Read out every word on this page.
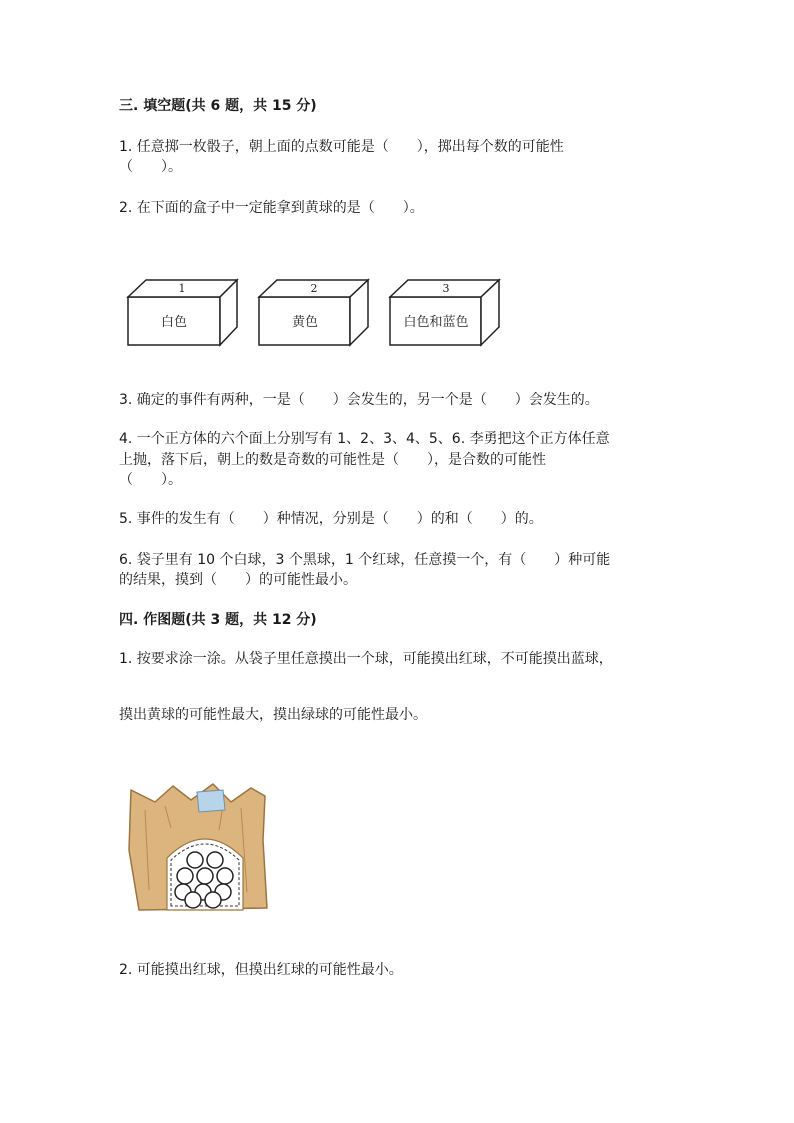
三. 填空题(共 6 题，共 15 分)
1. 任意掷一枚骰子，朝上面的点数可能是（　　），掷出每个数的可能性
（　　）。
2. 在下面的盒子中一定能拿到黄球的是（　　）。
1
白色
2
黄色
3
白色和蓝色
3. 确定的事件有两种，一是（　　）会发生的，另一个是（　　）会发生的。
4. 一个正方体的六个面上分别写有 1、2、3、4、5、6. 李勇把这个正方体任意
上抛，落下后，朝上的数是奇数的可能性是（　　），是合数的可能性
（　　）。
5. 事件的发生有（　　）种情况，分别是（　　）的和（　　）的。
6. 袋子里有 10 个白球，3 个黑球，1 个红球，任意摸一个，有（　　）种可能
的结果，摸到（　　）的可能性最小。
四. 作图题(共 3 题，共 12 分)
1. 按要求涂一涂。从袋子里任意摸出一个球，可能摸出红球，不可能摸出蓝球，
摸出黄球的可能性最大，摸出绿球的可能性最小。
2. 可能摸出红球，但摸出红球的可能性最小。
